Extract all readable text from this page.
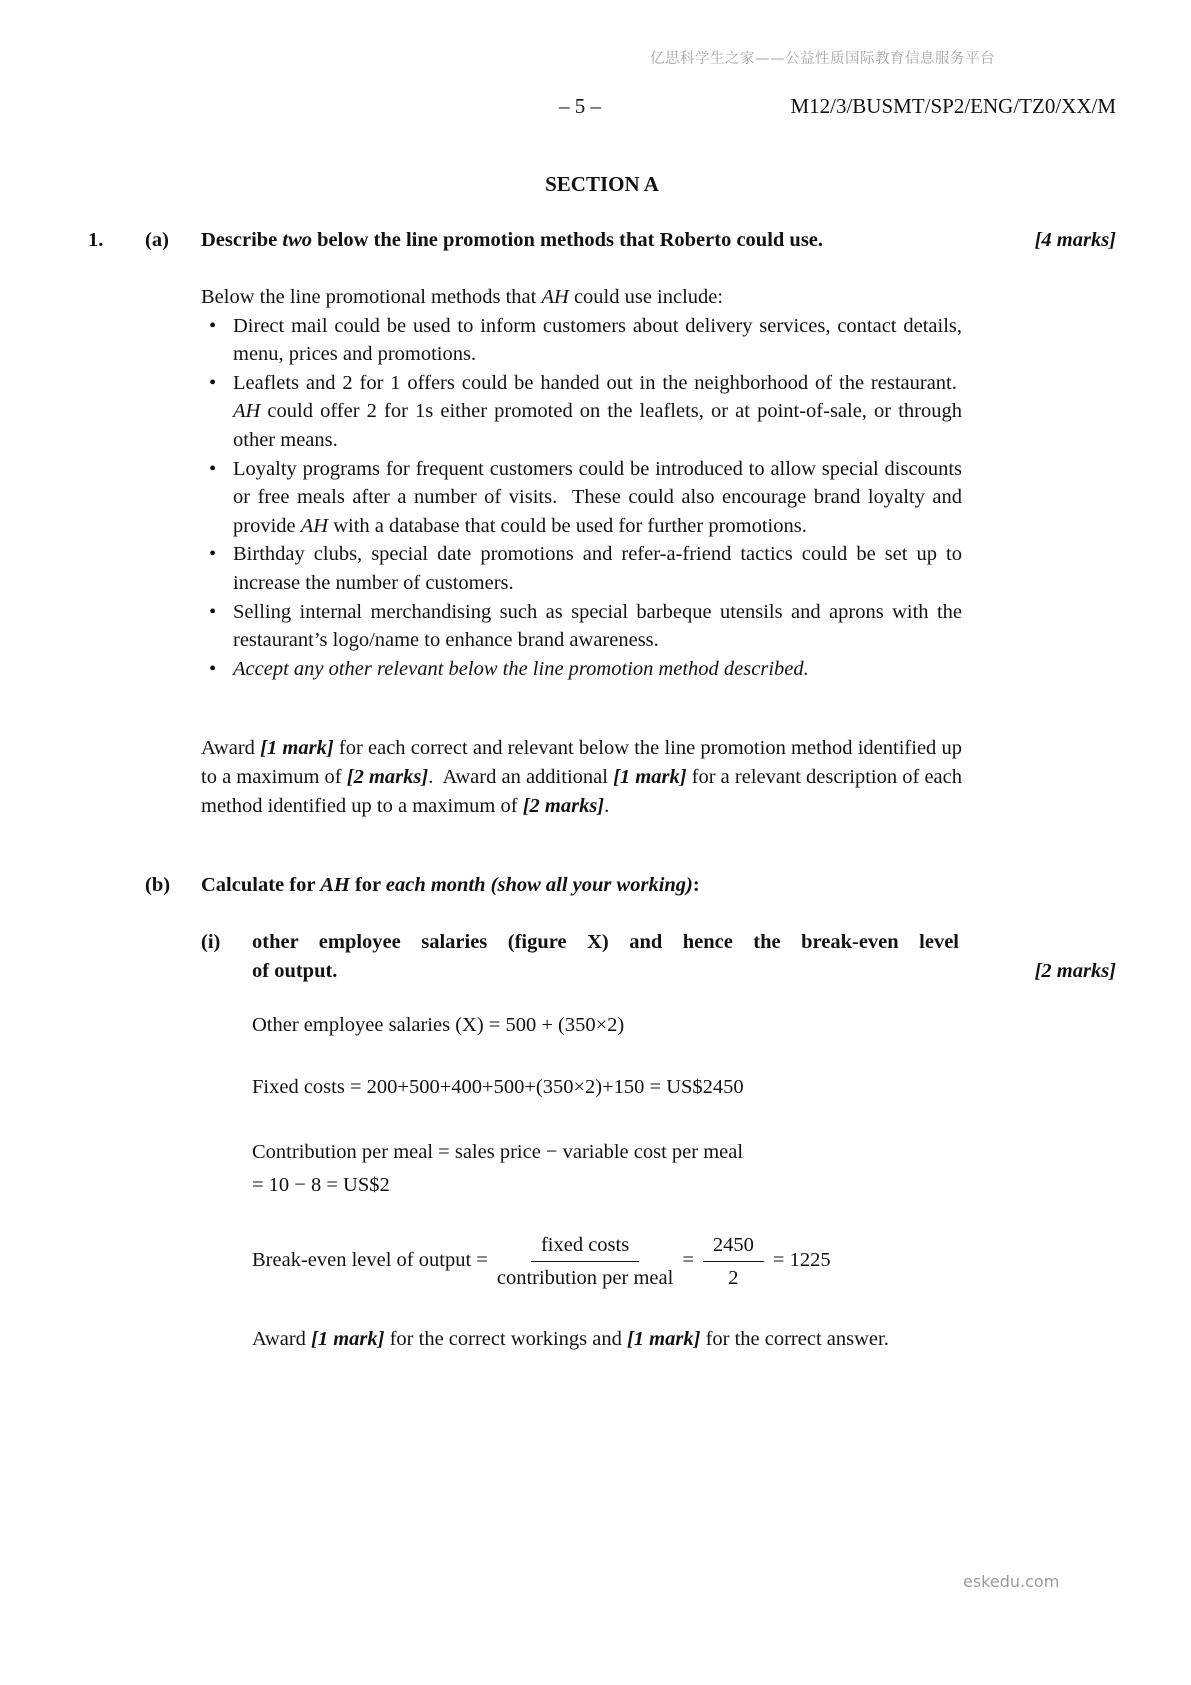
亿思科学生之家——公益性质国际教育信息服务平台
– 5 –	M12/3/BUSMT/SP2/ENG/TZ0/XX/M
SECTION A
1.	(a)	Describe two below the line promotion methods that Roberto could use.	[4 marks]

Below the line promotional methods that AH could use include:

• Direct mail could be used to inform customers about delivery services, contact details, menu, prices and promotions.
• Leaflets and 2 for 1 offers could be handed out in the neighborhood of the restaurant.  AH could offer 2 for 1s either promoted on the leaflets, or at point-of-sale, or through other means.
• Loyalty programs for frequent customers could be introduced to allow special discounts or free meals after a number of visits.  These could also encourage brand loyalty and provide AH with a database that could be used for further promotions.
• Birthday clubs, special date promotions and refer-a-friend tactics could be set up to increase the number of customers.
• Selling internal merchandising such as special barbeque utensils and aprons with the restaurant’s logo/name to enhance brand awareness.
• Accept any other relevant below the line promotion method described.

Award [1 mark] for each correct and relevant below the line promotion method identified up to a maximum of [2 marks].  Award an additional [1 mark] for a relevant description of each method identified up to a maximum of [2 marks].

(b)	Calculate for AH for each month (show all your working):
(i)	other employee salaries (figure X) and hence the break-even level
of output.	[2 marks]
Other employee salaries (X) = 500 + (350×2)
Fixed costs = 200+500+400+500+(350×2)+150 = US$2450
Contribution per meal = sales price − variable cost per meal
= 10 − 8 = US$2
Break-even level of output = $\frac{\text{fixed costs}}{\text{contribution per meal}} = \frac{2450}{2} = 1225$
Award [1 mark] for the correct workings and [1 mark] for the correct answer.
eskedu.com
